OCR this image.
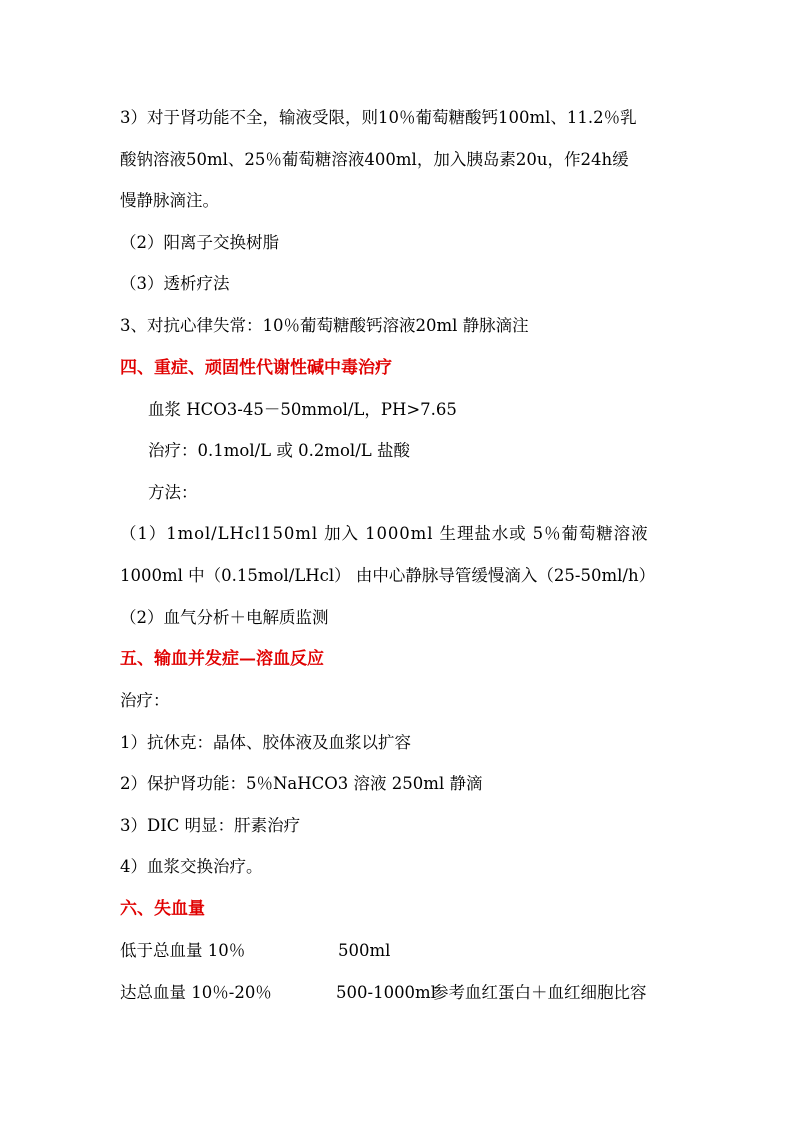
3）对于肾功能不全，输液受限，则10％葡萄糖酸钙100ml、11.2％乳

酸钠溶液50ml、25％葡萄糖溶液400ml，加入胰岛素20u，作24h缓

慢静脉滴注。

（2）阳离子交换树脂

（3）透析疗法

3、对抗心律失常：10％葡萄糖酸钙溶液20ml 静脉滴注

四、重症、顽固性代谢性碱中毒治疗

血浆 HCO3-45－50mmol/L，PH>7.65

治疗：0.1mol/L 或 0.2mol/L 盐酸

方法：

（1）1mol/LHcl150ml 加入 1000ml 生理盐水或 5％葡萄糖溶液

1000ml 中（0.15mol/LHcl） 由中心静脉导管缓慢滴入（25-50ml/h）

（2）血气分析＋电解质监测

五、输血并发症—溶血反应

治疗：

1）抗休克：晶体、胶体液及血浆以扩容

2）保护肾功能：5％NaHCO3 溶液 250ml 静滴

3）DIC 明显：肝素治疗

4）血浆交换治疗。

六、失血量

低于总血量 10％	500ml
达总血量 10％-20％	500-1000ml
参考血红蛋白＋血红细胞比容
